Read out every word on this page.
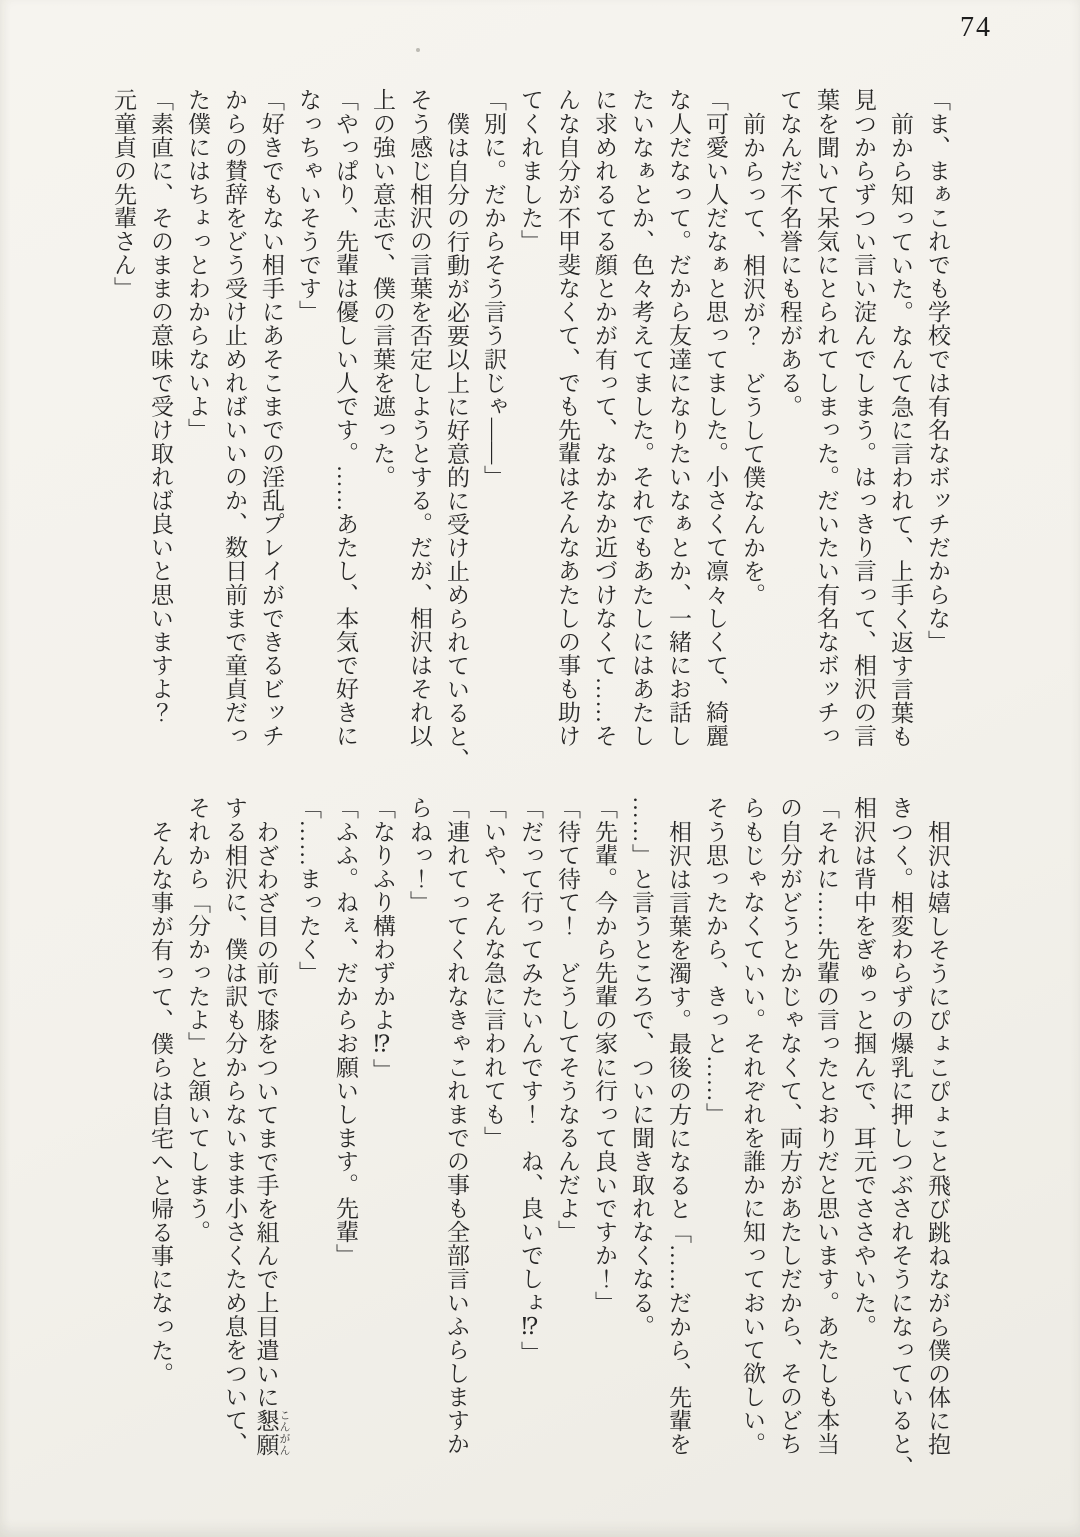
74
「ま、まぁこれでも学校では有名なボッチだからな」
前から知っていた。なんて急に言われて、上手く返す言葉も
見つからずつい言い淀んでしまう。はっきり言って、相沢の言
葉を聞いて呆気にとられてしまった。だいたい有名なボッチっ
てなんだ不名誉にも程がある。
前からって、相沢が？　どうして僕なんかを。
「可愛い人だなぁと思ってました。小さくて凛々しくて、綺麗
な人だなって。だから友達になりたいなぁとか、一緒にお話し
たいなぁとか、色々考えてました。それでもあたしにはあたし
に求めれるてる顔とかが有って、なかなか近づけなくて……そ
んな自分が不甲斐なくて、でも先輩はそんなあたしの事も助け
てくれました」
「別に。だからそう言う訳じゃ――」
僕は自分の行動が必要以上に好意的に受け止められていると、
そう感じ相沢の言葉を否定しようとする。だが、相沢はそれ以
上の強い意志で、僕の言葉を遮った。
「やっぱり、先輩は優しい人です。……あたし、本気で好きに
なっちゃいそうです」
「好きでもない相手にあそこまでの淫乱プレイができるビッチ
からの賛辞をどう受け止めればいいのか、数日前まで童貞だっ
た僕にはちょっとわからないよ」
「素直に、そのままの意味で受け取れば良いと思いますよ？
元童貞の先輩さん」
相沢は嬉しそうにぴょこぴょこと飛び跳ねながら僕の体に抱
きつく。相変わらずの爆乳に押しつぶされそうになっていると、
相沢は背中をぎゅっと掴んで、耳元でささやいた。
「それに……先輩の言ったとおりだと思います。あたしも本当
の自分がどうとかじゃなくて、両方があたしだから、そのどち
らもじゃなくていい。それぞれを誰かに知っておいて欲しい。
そう思ったから、きっと……」
相沢は言葉を濁す。最後の方になると「……だから、先輩を
……」と言うところで、ついに聞き取れなくなる。
「先輩。今から先輩の家に行って良いですか！」
「待て待て！　どうしてそうなるんだよ」
「だって行ってみたいんです！　ね、良いでしょ⁉」
「いや、そんな急に言われても」
「連れてってくれなきゃこれまでの事も全部言いふらしますか
らねっ！」
「なりふり構わずかよ⁉」
「ふふ。ねぇ、だからお願いします。先輩」
「……まったく」
わざわざ目の前で膝をついてまで手を組んで上目遣いに懇願 こんがん
する相沢に、僕は訳も分からないまま小さくため息をついて、
それから「分かったよ」と頷いてしまう。
そんな事が有って、僕らは自宅へと帰る事になった。
